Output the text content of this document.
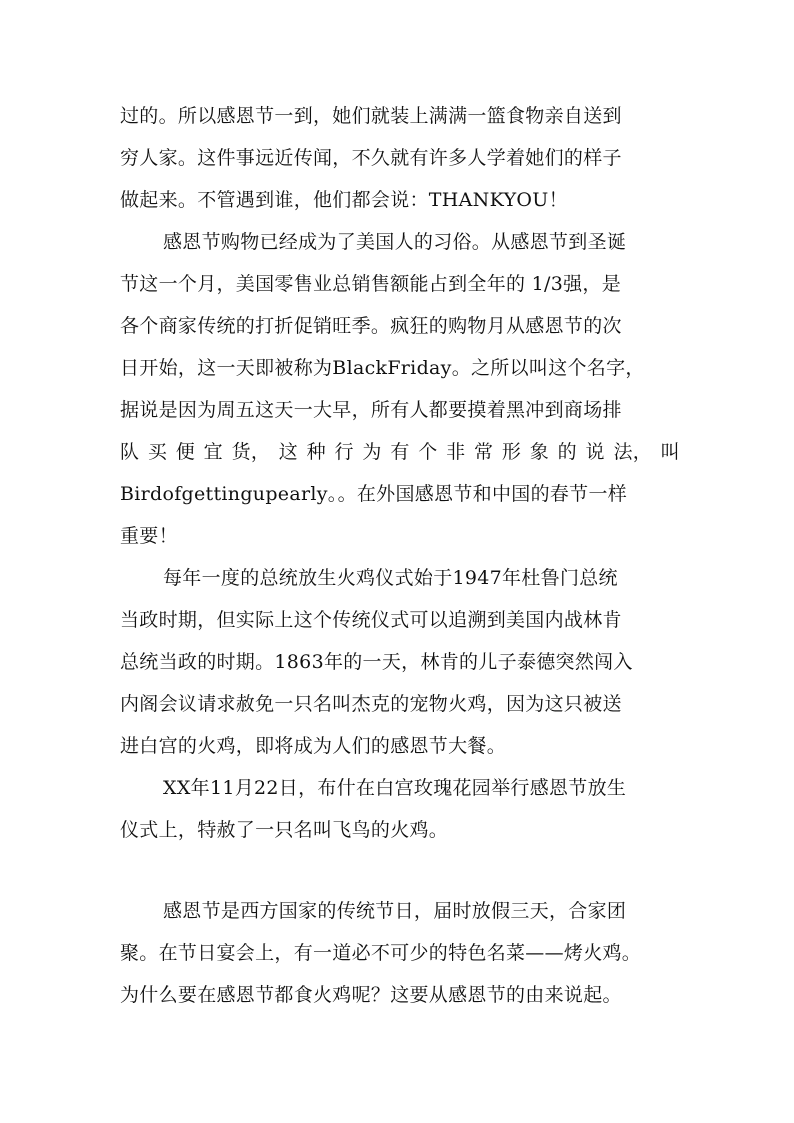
过的。所以感恩节一到，她们就装上满满一篮食物亲自送到
穷人家。这件事远近传闻，不久就有许多人学着她们的样子
做起来。不管遇到谁，他们都会说：THANKYOU！
感恩节购物已经成为了美国人的习俗。从感恩节到圣诞
节这一个月，美国零售业总销售额能占到全年的 1/3强，是
各个商家传统的打折促销旺季。疯狂的购物月从感恩节的次
日开始，这一天即被称为BlackFriday。之所以叫这个名字，
据说是因为周五这天一大早，所有人都要摸着黑冲到商场排
队 买 便 宜 货， 这 种 行 为 有 个 非 常 形 象 的 说 法， 叫
Birdofgettingupearly。。在外国感恩节和中国的春节一样
重要！
每年一度的总统放生火鸡仪式始于1947年杜鲁门总统
当政时期，但实际上这个传统仪式可以追溯到美国内战林肯
总统当政的时期。1863年的一天，林肯的儿子泰德突然闯入
内阁会议请求赦免一只名叫杰克的宠物火鸡，因为这只被送
进白宫的火鸡，即将成为人们的感恩节大餐。
XX年11月22日，布什在白宫玫瑰花园举行感恩节放生
仪式上，特赦了一只名叫飞鸟的火鸡。
感恩节是西方国家的传统节日，届时放假三天，合家团
聚。在节日宴会上，有一道必不可少的特色名菜——烤火鸡。
为什么要在感恩节都食火鸡呢？这要从感恩节的由来说起。
